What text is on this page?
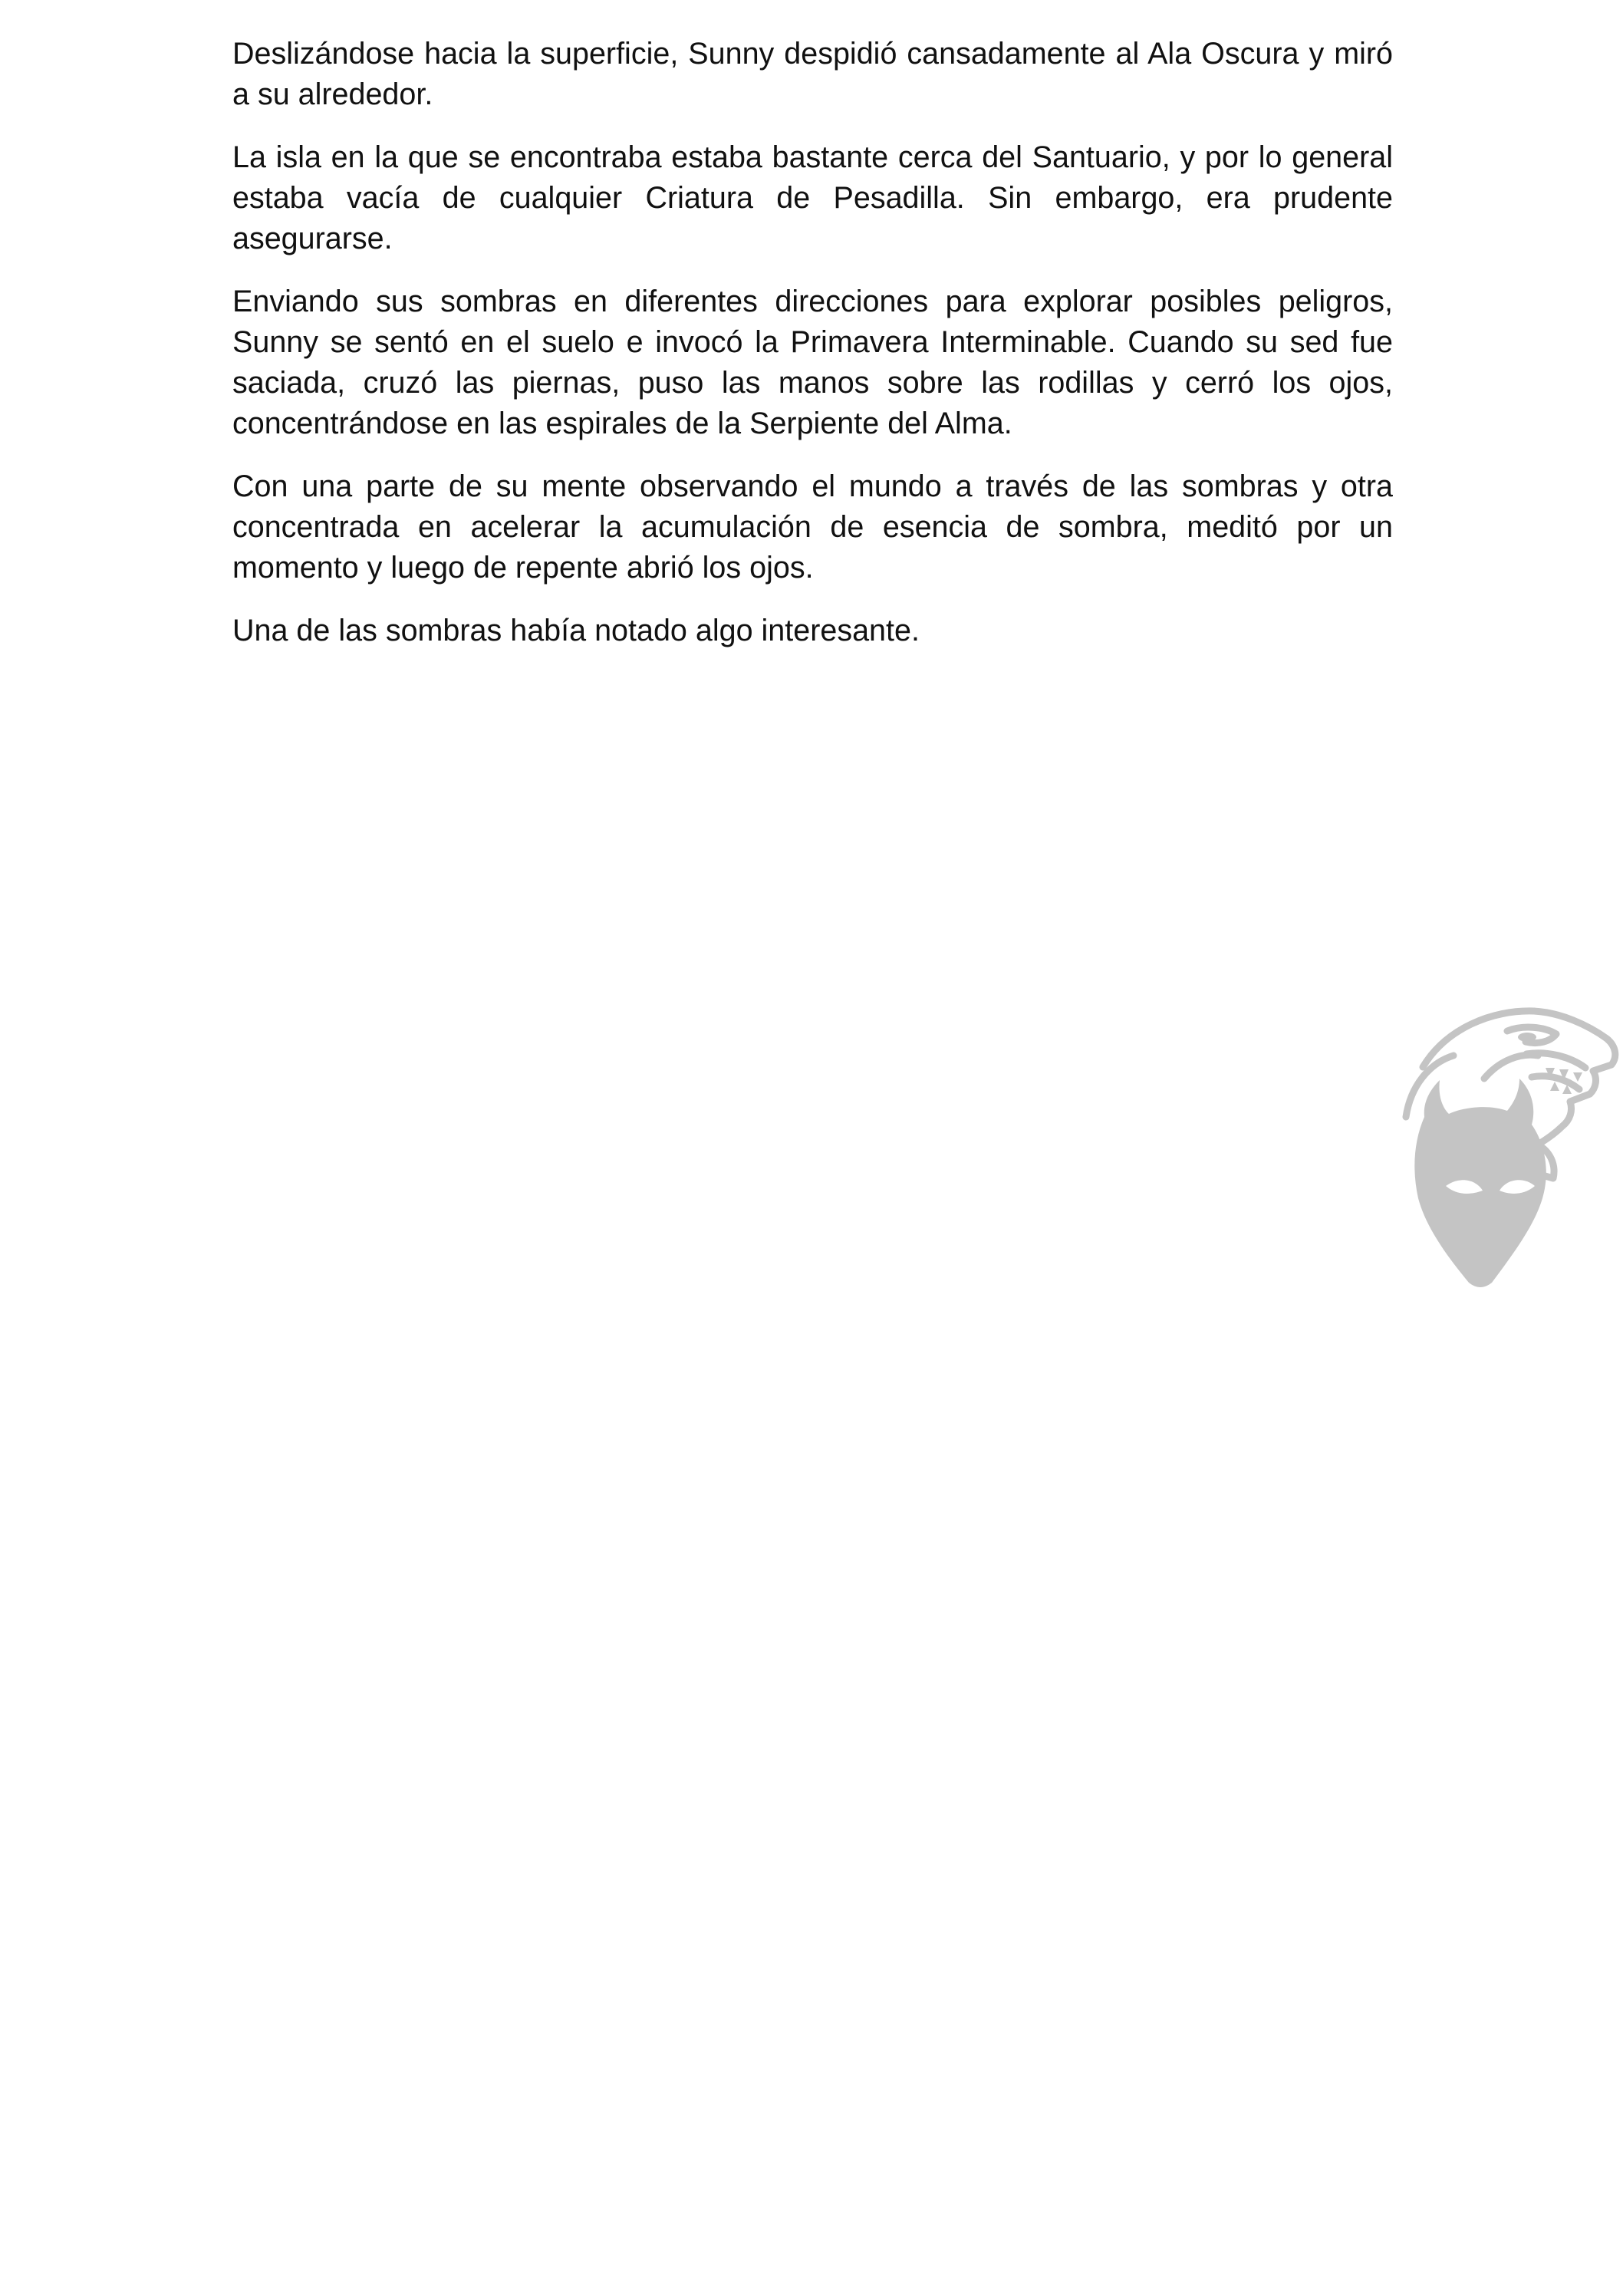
Deslizándose hacia la superficie, Sunny despidió cansadamente al Ala Oscura y miró a su alrededor.

La isla en la que se encontraba estaba bastante cerca del Santuario, y por lo general estaba vacía de cualquier Criatura de Pesadilla. Sin embargo, era prudente asegurarse.

Enviando sus sombras en diferentes direcciones para explorar posibles peligros, Sunny se sentó en el suelo e invocó la Primavera Interminable. Cuando su sed fue saciada, cruzó las piernas, puso las manos sobre las rodillas y cerró los ojos, concentrándose en las espirales de la Serpiente del Alma.

Con una parte de su mente observando el mundo a través de las sombras y otra concentrada en acelerar la acumulación de esencia de sombra, meditó por un momento y luego de repente abrió los ojos.

Una de las sombras había notado algo interesante.
